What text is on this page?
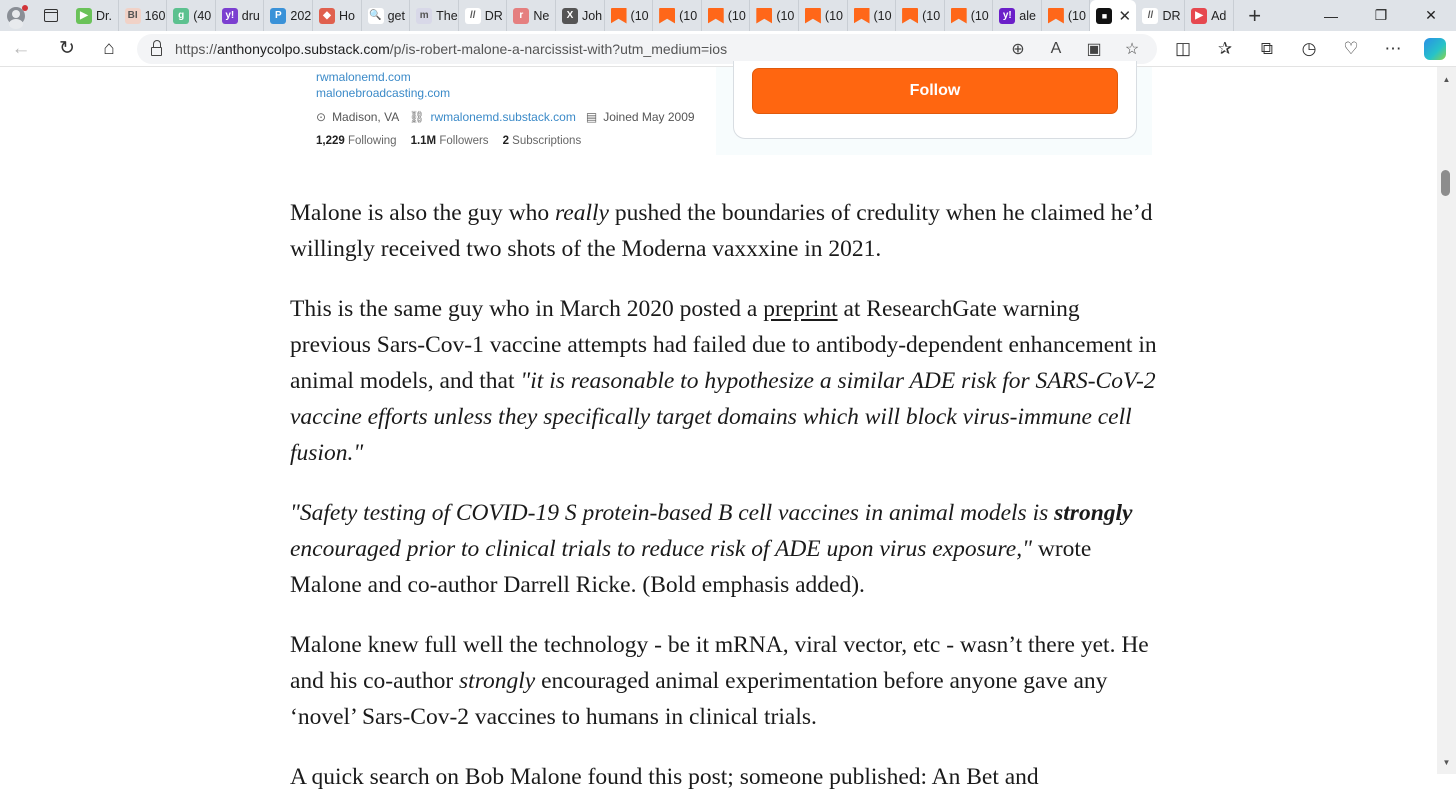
▶ Dr.	BI 160	g (40	y! dru	P 202	◆ Ho 🔍 get	m The	// DR	r Ne	X Joh (10 (10 (10 (10 (10 (10 (10 (10	y! ale	(10	■ ✕	// DR	▶ Ad +	—	❐	✕
←	↻	⌂	https://anthonycolpo.substack.com/p/is-robert-malone-a-narcissist-with?utm_medium=ios	⊕	A	▣	☆	◫	✰	⧉	◷	♡	⋯
rwmalonemd.com
malonebroadcasting.com
⊙ Madison, VA ⛓ rwmalonemd.substack.com ▤ Joined May 2009
1,229 Following 1.1M Followers 2 Subscriptions
Follow

Malone is also the guy who really pushed the boundaries of credulity when he claimed he’d willingly received two shots of the Moderna vaxxxine in 2021.

This is the same guy who in March 2020 posted a preprint at ResearchGate warning previous Sars-Cov-1 vaccine attempts had failed due to antibody-dependent enhancement in animal models, and that "it is reasonable to hypothesize a similar ADE risk for SARS-CoV-2 vaccine efforts unless they specifically target domains which will block virus-immune cell fusion."

"Safety testing of COVID-19 S protein-based B cell vaccines in animal models is strongly encouraged prior to clinical trials to reduce risk of ADE upon virus exposure," wrote Malone and co-author Darrell Ricke. (Bold emphasis added).

Malone knew full well the technology - be it mRNA, viral vector, etc - wasn’t there yet. He and his co-author strongly encouraged animal experimentation before anyone gave any ‘novel’ Sars-Cov-2 vaccines to humans in clinical trials.

A quick search on Bob Malone found this post; someone published: An Bet and
▲
▼
